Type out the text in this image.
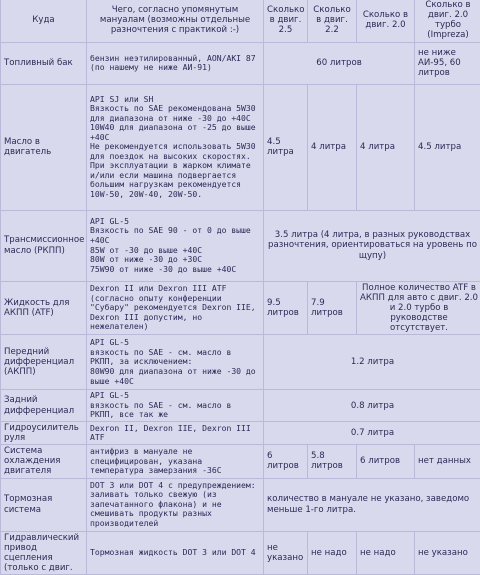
Куда	Чего, согласно упомянутым мануалам (возможны отдельные разночтения с практикой :-)	Сколько в двиг. 2.5	Сколько в двиг. 2.2	Сколько в двиг. 2.0	Сколько в двиг. 2.0 турбо (Impreza)
Топливный бак	бензин неэтилированный, AON/AKI 87 (по нашему не ниже АИ-91)	60 литров			не ниже АИ-95, 60 литров
Масло в двигатель	API SJ или SH
Вязкость по SAE рекомендована 5W30 для диапазона от ниже -30 до +40C
10W40 для диапазона от -25 до выше +40C
Не рекомендуется использовать 5W30 для поездок на высоких скоростях. При эксплуатации в жарком климате и/или если машина подвергается большим нагрузкам рекомендуется 10W-50, 20W-40, 20W-50.	4.5 литра	4 литра	4 литра	4.5 литра
Трансмиссионное масло (РКПП)	API GL-5
Вязкость по SAE 90 - от 0 до выше +40C
85W от -30 до выше +40C
80W от ниже -30 до +30C
75W90 от ниже -30 до выше +40C	3.5 литра (4 литра, в разных руководствах разночтения, ориентироваться на уровень по щупу)			
Жидкость для АКПП (ATF)	Dexron II или Dexron III ATF (согласно опыту конференции "Субару" рекомендуется Dexron IIE, Dexron III допустим, но нежелателен)	9.5 литров	7.9 литров	Полное количество ATF в АКПП для авто с двиг. 2.0 и 2.0 турбо в руководстве отсутствует.	
Передний дифференциал (АКПП)	API GL-5
вязкость по SAE - см. масло в РКПП, за исключением:
80W90 для диапазона от ниже -30 до выше +40C	1.2 литра			
Задний дифференциал	API GL-5
вязкость по SAE - см. масло в РКПП, все так же	0.8 литра			
Гидроусилитель руля	Dexron II, Dexron IIE, Dexron III ATF	0.7 литра			
Система охлаждения двигателя	антифриз в мануале не специфицирован, указана температура замерзания -36C	6 литров	5.8 литров	6 литров	нет данных
Тормозная система	DOT 3 или DOT 4 с предупреждением: заливать только свежую (из запечатанного флакона) и не смешивать продукты разных производителей	количество в мануале не указано, заведомо меньше 1-го литра.			
Гидравлический привод сцепления (только с двиг.	Тормозная жидкость DOT 3 или DOT 4	не указано	не надо	не надо	не указано
